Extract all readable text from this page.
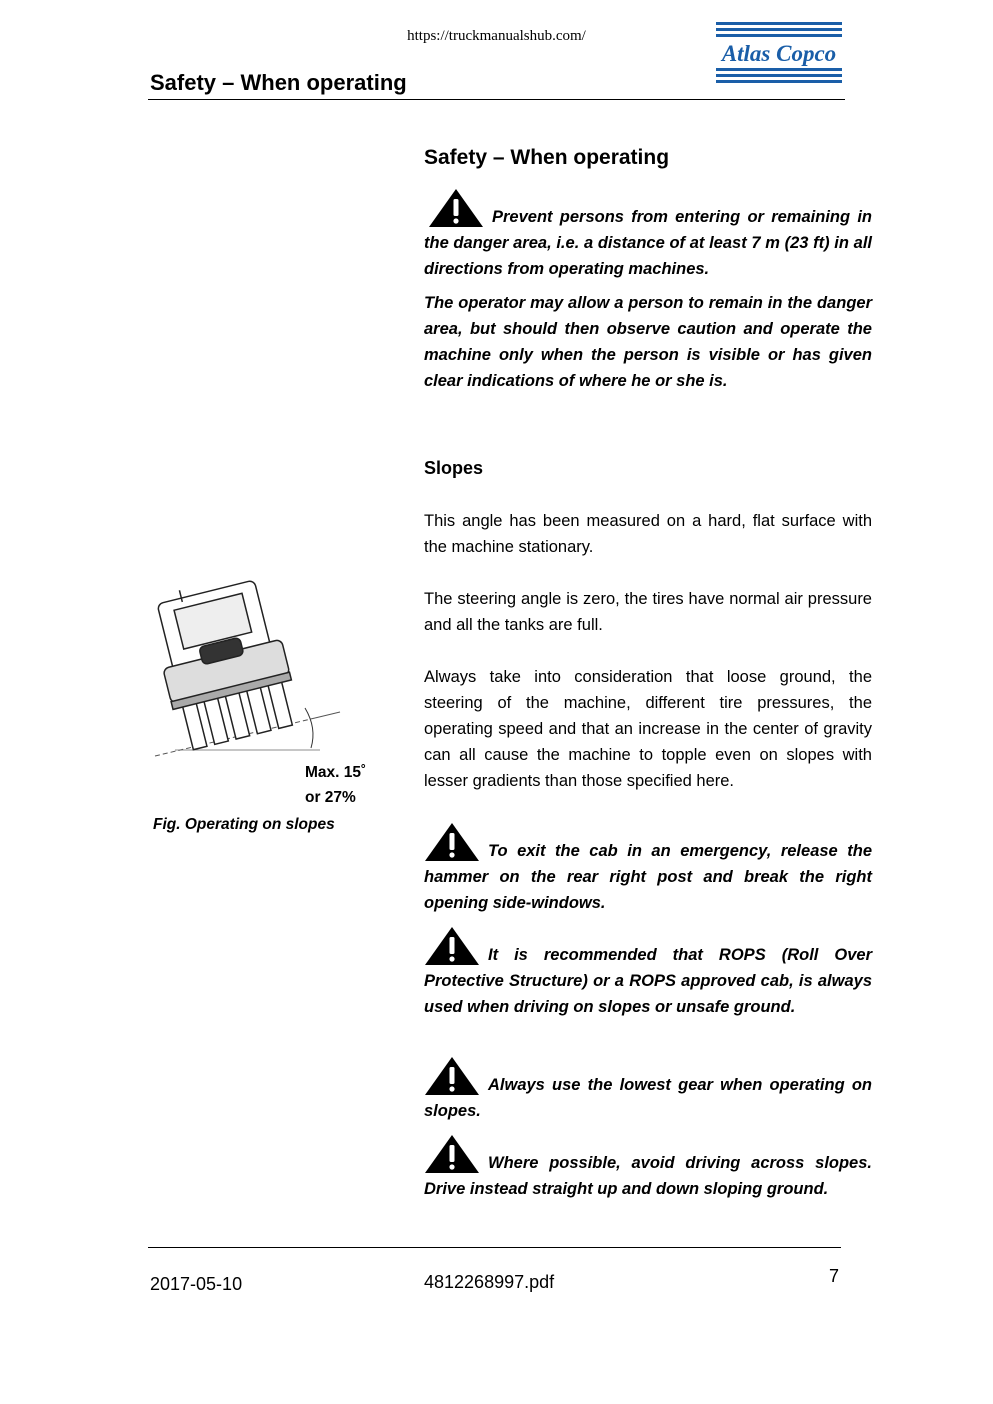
https://truckmanualshub.com/
Atlas Copco
Safety – When operating
Safety – When operating
Prevent persons from entering or remaining in the danger area, i.e. a distance of at least 7 m (23 ft) in all directions from operating machines.
The operator may allow a person to remain in the danger area, but should then observe caution and operate the machine only when the person is visible or has given clear indications of where he or she is.
Slopes
This angle has been measured on a hard, flat surface with the machine stationary.
The steering angle is zero, the tires have normal air pressure and all the tanks are full.
Always take into consideration that loose ground, the steering of the machine, different tire pressures, the operating speed and that an increase in the center of gravity can all cause the machine to topple even on slopes with lesser gradients than those specified here.
To exit the cab in an emergency, release the hammer on the rear right post and break the right opening side-windows.
It is recommended that ROPS (Roll Over Protective Structure) or a ROPS approved cab, is always used when driving on slopes or unsafe ground.
Always use the lowest gear when operating on slopes.
Where possible, avoid driving across slopes. Drive instead straight up and down sloping ground.
Max. 15˚
or 27%
Fig. Operating on slopes
2017-05-10	4812268997.pdf	7
